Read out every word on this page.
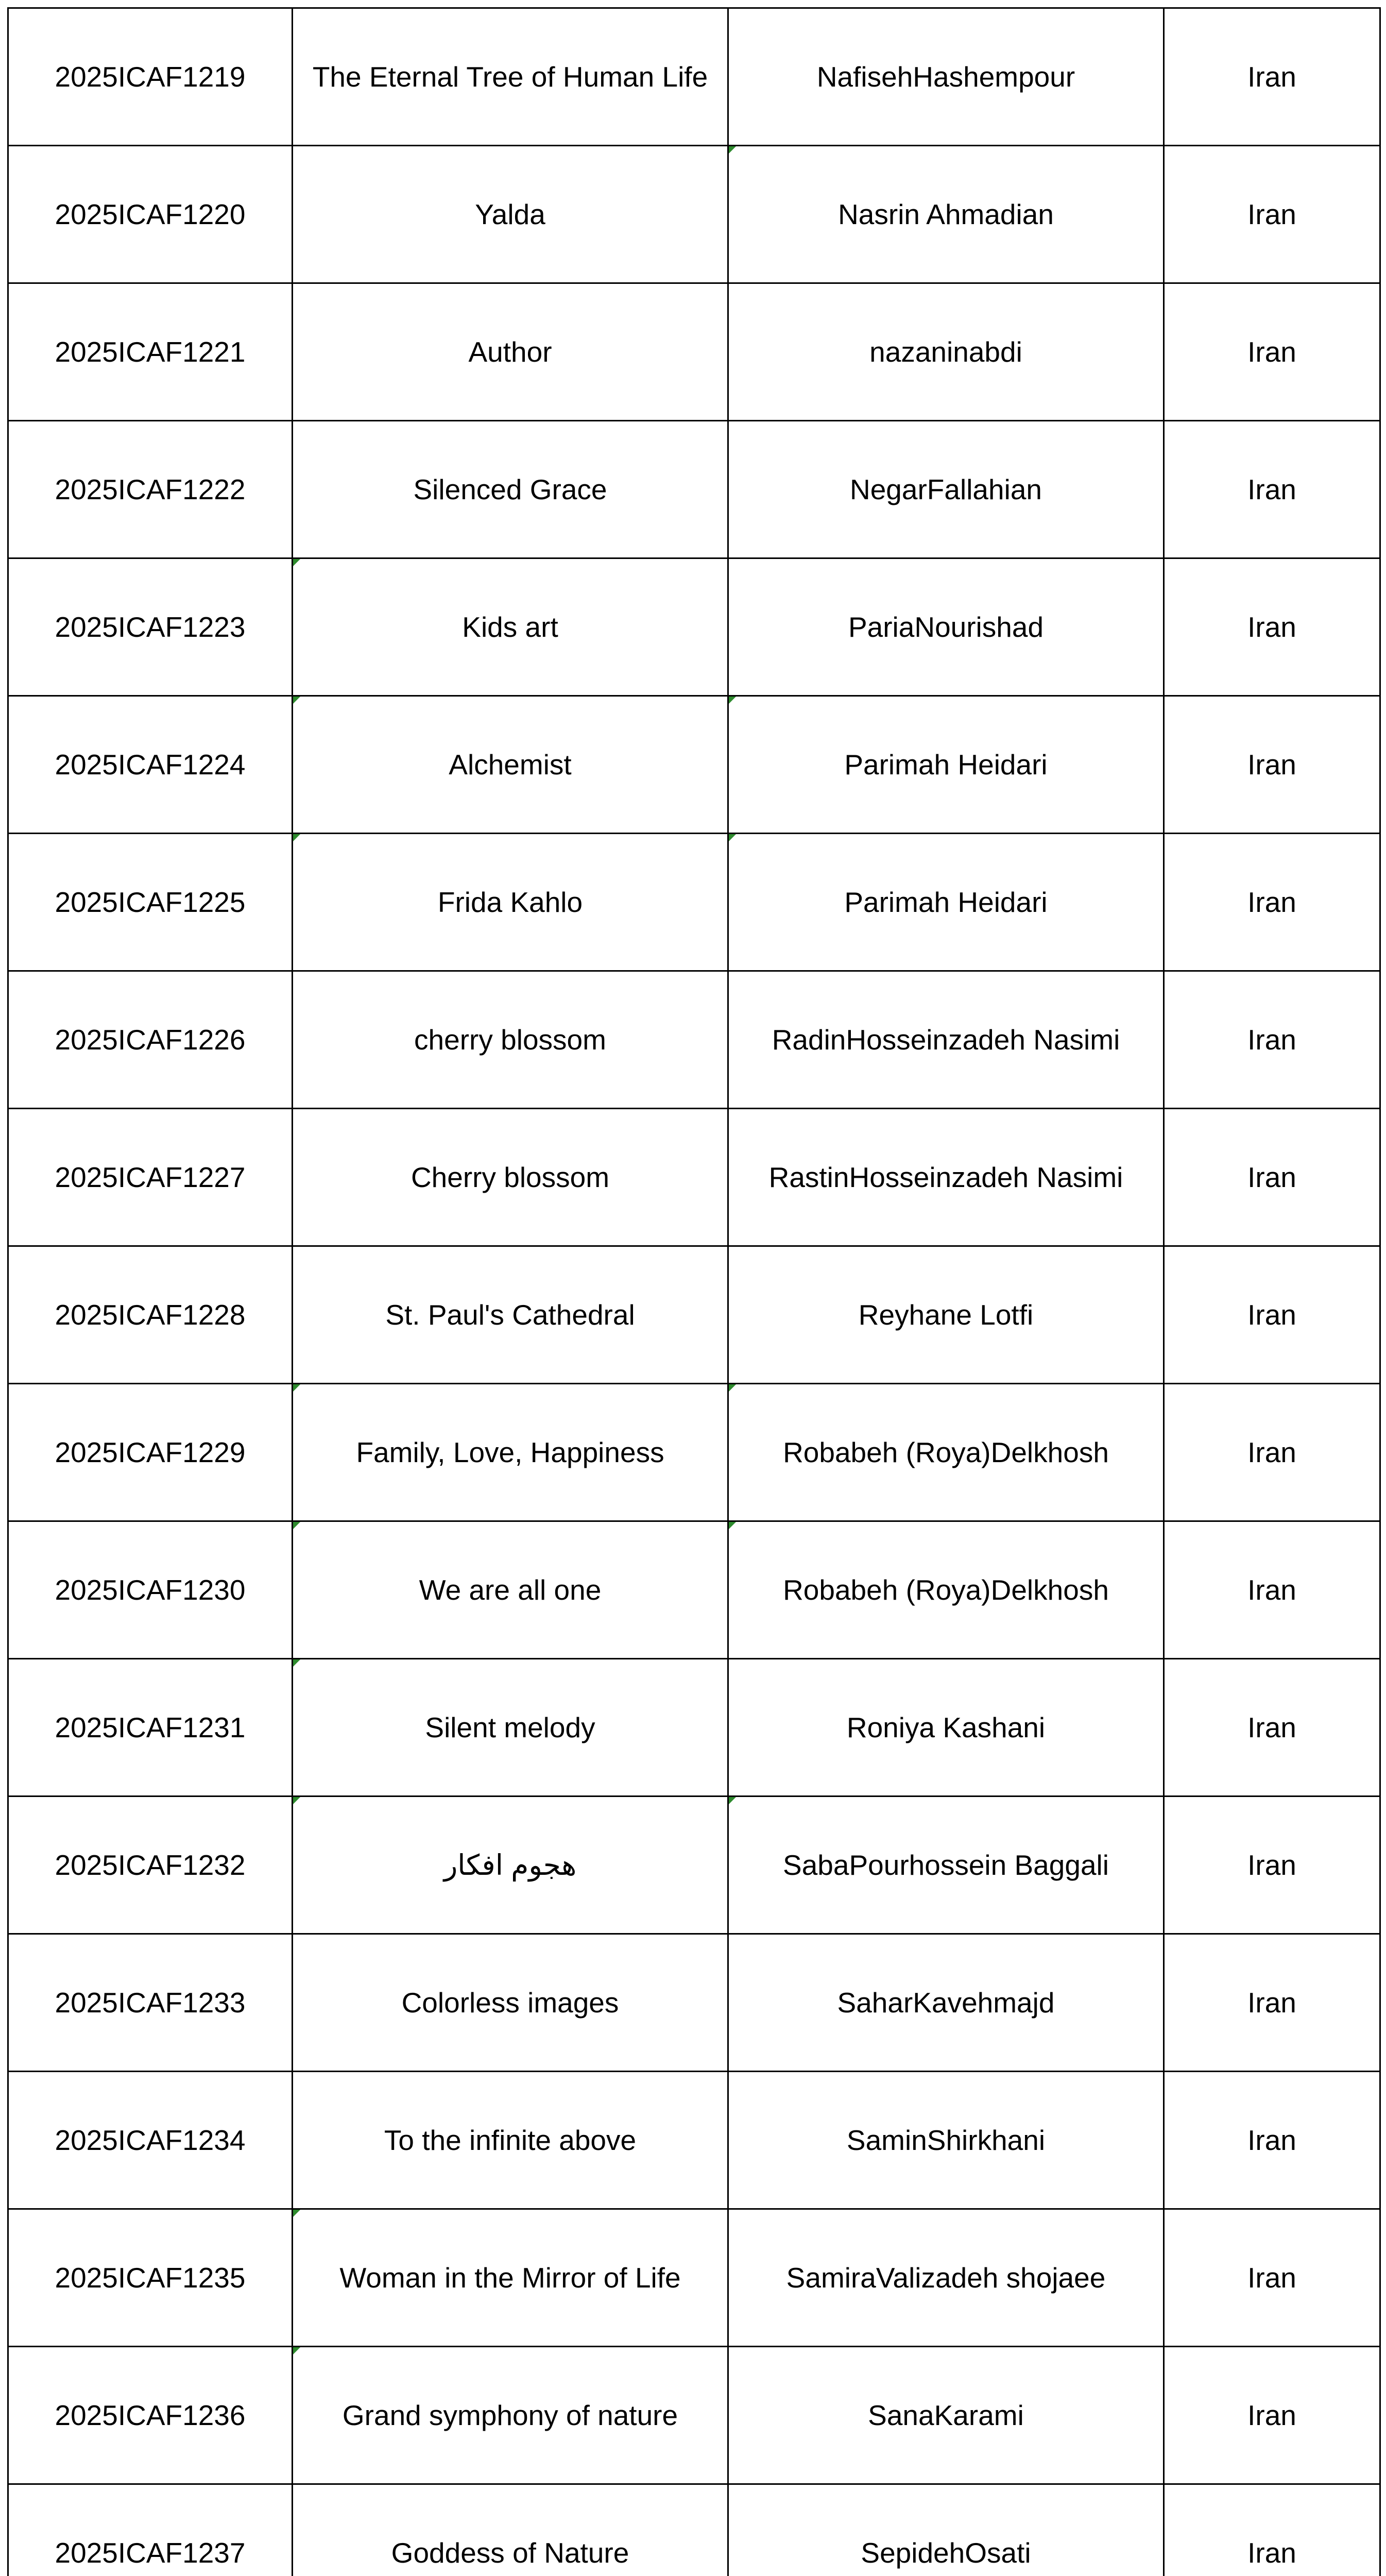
2025ICAF1219	The Eternal Tree of Human Life	NafisehHashempour	Iran
2025ICAF1220	Yalda	Nasrin Ahmadian	Iran
2025ICAF1221	Author	nazaninabdi	Iran
2025ICAF1222	Silenced Grace	NegarFallahian	Iran
2025ICAF1223	Kids art	PariaNourishad	Iran
2025ICAF1224	Alchemist	Parimah Heidari	Iran
2025ICAF1225	Frida Kahlo	Parimah Heidari	Iran
2025ICAF1226	cherry blossom	RadinHosseinzadeh Nasimi	Iran
2025ICAF1227	Cherry blossom	RastinHosseinzadeh Nasimi	Iran
2025ICAF1228	St. Paul's Cathedral	Reyhane Lotfi	Iran
2025ICAF1229	Family, Love, Happiness	Robabeh (Roya)Delkhosh	Iran
2025ICAF1230	We are all one	Robabeh (Roya)Delkhosh	Iran
2025ICAF1231	Silent melody	Roniya Kashani	Iran
2025ICAF1232	هجوم افکار	SabaPourhossein Baggali	Iran
2025ICAF1233	Colorless images	SaharKavehmajd	Iran
2025ICAF1234	To the infinite above	SaminShirkhani	Iran
2025ICAF1235	Woman in the Mirror of Life	SamiraValizadeh shojaee	Iran
2025ICAF1236	Grand symphony of nature	SanaKarami	Iran
2025ICAF1237	Goddess of Nature	SepidehOsati	Iran
